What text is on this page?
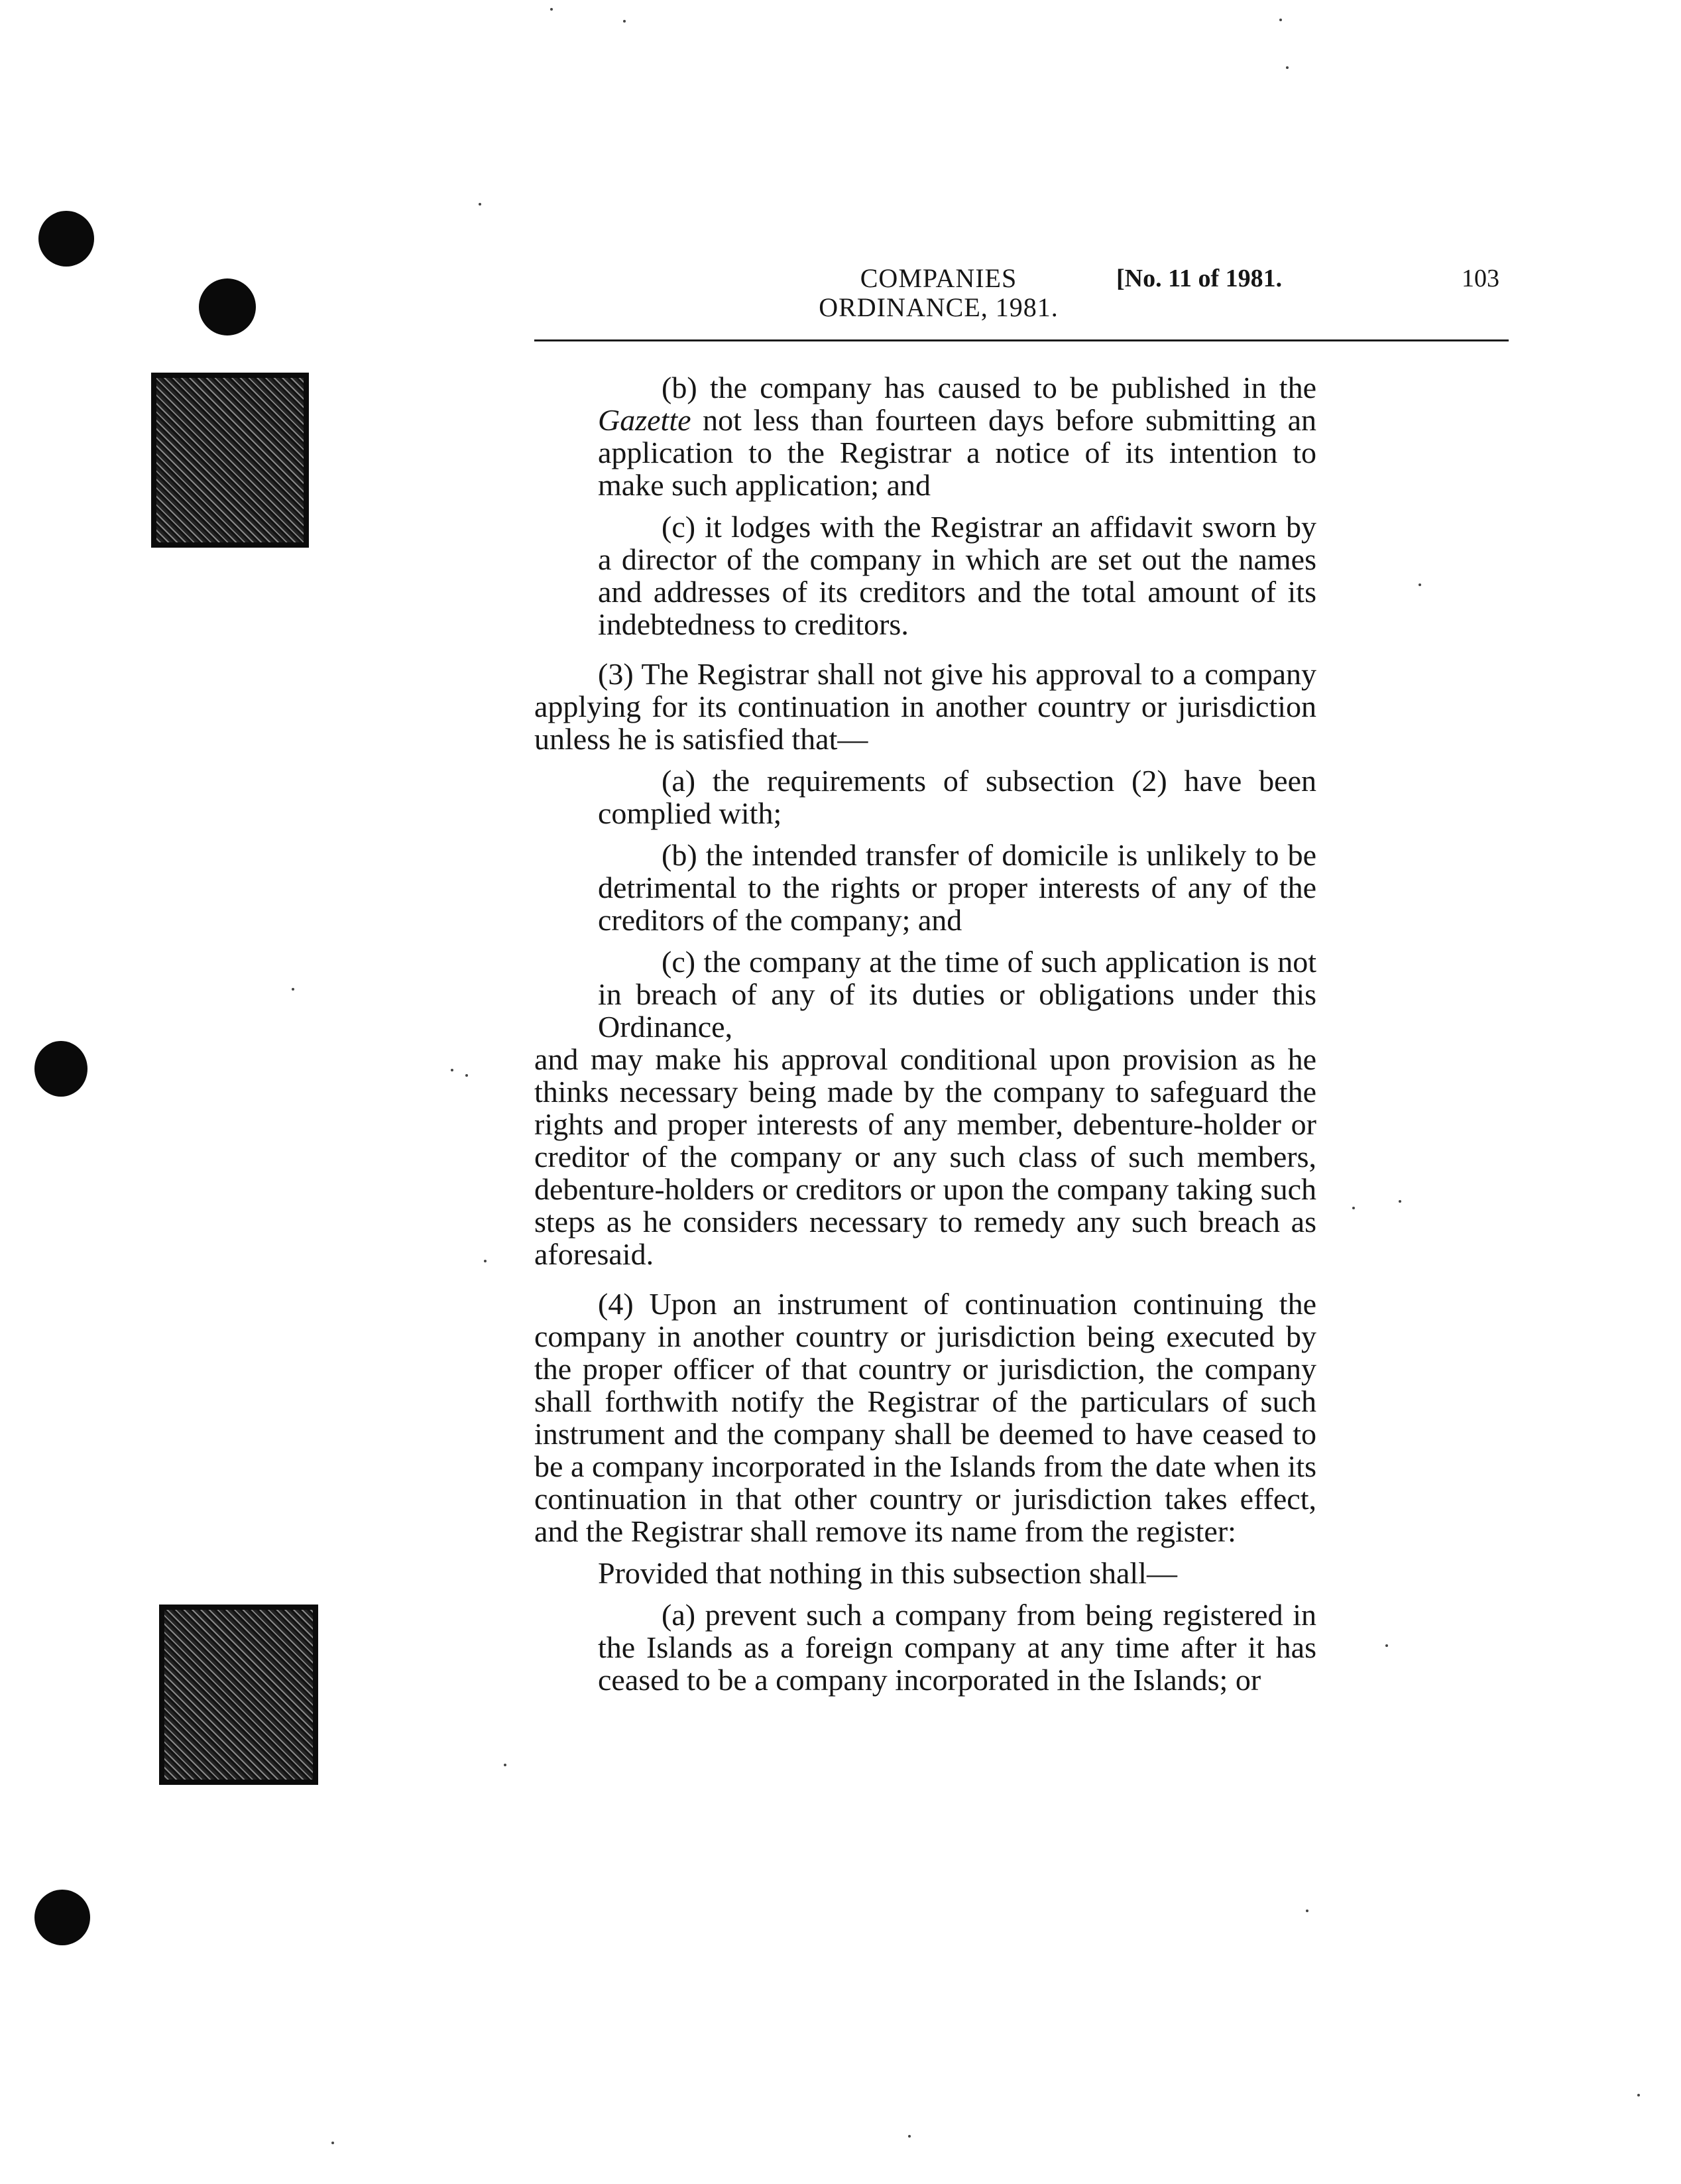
COMPANIES
ORDINANCE, 1981.
[No. 11 of 1981.	103

(b) the company has caused to be published in the Gazette not less than fourteen days before submitting an application to the Registrar a notice of its intention to make such application; and

(c) it lodges with the Registrar an affidavit sworn by a director of the company in which are set out the names and addresses of its creditors and the total amount of its indebtedness to creditors.

(3) The Registrar shall not give his approval to a company applying for its continuation in another country or jurisdiction unless he is satisfied that—

(a) the requirements of subsection (2) have been complied with;

(b) the intended transfer of domicile is unlikely to be detrimental to the rights or proper interests of any of the creditors of the company; and

(c) the company at the time of such application is not in breach of any of its duties or obligations under this Ordinance,

and may make his approval conditional upon provision as he thinks necessary being made by the company to safeguard the rights and proper interests of any member, debenture-holder or creditor of the company or any such class of such members, debenture-holders or creditors or upon the company taking such steps as he considers necessary to remedy any such breach as aforesaid.

(4) Upon an instrument of continuation continuing the company in another country or jurisdiction being executed by the proper officer of that country or jurisdiction, the company shall forthwith notify the Registrar of the particulars of such instrument and the company shall be deemed to have ceased to be a company incorporated in the Islands from the date when its continuation in that other country or jurisdiction takes effect, and the Registrar shall remove its name from the register:

Provided that nothing in this subsection shall—

(a) prevent such a company from being registered in the Islands as a foreign company at any time after it has ceased to be a company incorporated in the Islands; or
